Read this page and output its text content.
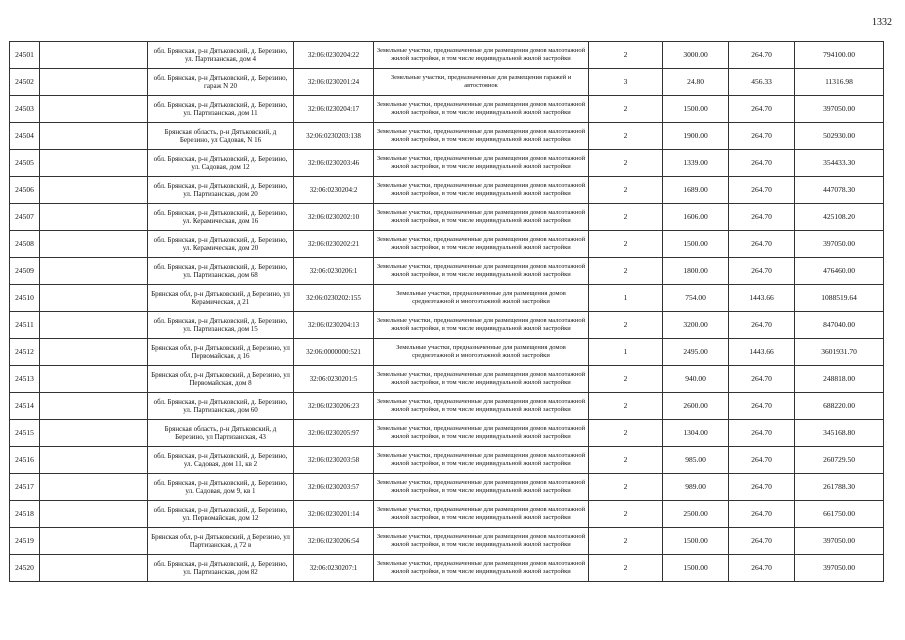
1332
24501		обл. Брянская, р-н Дятьковский, д. Березино, ул. Партизанская, дом 4	32:06:0230204:22	Земельные участки, предназначенные для размещения домов малоэтажной жилой застройки, в том числе индивидуальной жилой застройки	2	3000.00	264.70	794100.00
24502		обл. Брянская, р-н Дятьковский, д. Березино, гараж N 20	32:06:0230201:24	Земельные участки, предназначенные для размещения гаражей и автостоянок	3	24.80	456.33	11316.98
24503		обл. Брянская, р-н Дятьковский, д. Березино, ул. Партизанская, дом 11	32:06:0230204:17	Земельные участки, предназначенные для размещения домов малоэтажной жилой застройки, в том числе индивидуальной жилой застройки	2	1500.00	264.70	397050.00
24504		Брянская область, р-н Дятьковский, д Березино, ул Садовая, N 16	32:06:0230203:138	Земельные участки, предназначенные для размещения домов малоэтажной жилой застройки, в том числе индивидуальной жилой застройки	2	1900.00	264.70	502930.00
24505		обл. Брянская, р-н Дятьковский, д. Березино, ул. Садовая, дом 12	32:06:0230203:46	Земельные участки, предназначенные для размещения домов малоэтажной жилой застройки, в том числе индивидуальной жилой застройки	2	1339.00	264.70	354433.30
24506		обл. Брянская, р-н Дятьковский, д. Березино, ул. Партизанская, дом 20	32:06:0230204:2	Земельные участки, предназначенные для размещения домов малоэтажной жилой застройки, в том числе индивидуальной жилой застройки	2	1689.00	264.70	447078.30
24507		обл. Брянская, р-н Дятьковский, д. Березино, ул. Керамическая, дом 16	32:06:0230202:10	Земельные участки, предназначенные для размещения домов малоэтажной жилой застройки, в том числе индивидуальной жилой застройки	2	1606.00	264.70	425108.20
24508		обл. Брянская, р-н Дятьковский, д. Березино, ул. Керамическая, дом 20	32:06:0230202:21	Земельные участки, предназначенные для размещения домов малоэтажной жилой застройки, в том числе индивидуальной жилой застройки	2	1500.00	264.70	397050.00
24509		обл. Брянская, р-н Дятьковский, д. Березино, ул. Партизанская, дом 68	32:06:0230206:1	Земельные участки, предназначенные для размещения домов малоэтажной жилой застройки, в том числе индивидуальной жилой застройки	2	1800.00	264.70	476460.00
24510		Брянская обл, р-н Дятьковский, д Березино, ул Керамическая, д 21	32:06:0230202:155	Земельные участки, предназначенные для размещения домов среднеэтажной и многоэтажной жилой застройки	1	754.00	1443.66	1088519.64
24511		обл. Брянская, р-н Дятьковский, д. Березино, ул. Партизанская, дом 15	32:06:0230204:13	Земельные участки, предназначенные для размещения домов малоэтажной жилой застройки, в том числе индивидуальной жилой застройки	2	3200.00	264.70	847040.00
24512		Брянская обл, р-н Дятьковский, д Березино, ул Первомайская, д 16	32:06:0000000:521	Земельные участки, предназначенные для размещения домов среднеэтажной и многоэтажной жилой застройки	1	2495.00	1443.66	3601931.70
24513		Брянская обл, р-н Дятьковский, д Березино, ул Первомайская, дом 8	32:06:0230201:5	Земельные участки, предназначенные для размещения домов малоэтажной жилой застройки, в том числе индивидуальной жилой застройки	2	940.00	264.70	248818.00
24514		обл. Брянская, р-н Дятьковский, д. Березино, ул. Партизанская, дом 60	32:06:0230206:23	Земельные участки, предназначенные для размещения домов малоэтажной жилой застройки, в том числе индивидуальной жилой застройки	2	2600.00	264.70	688220.00
24515		Брянская область, р-н Дятьковский, д Березино, ул Партизанская, 43	32:06:0230205:97	Земельные участки, предназначенные для размещения домов малоэтажной жилой застройки, в том числе индивидуальной жилой застройки	2	1304.00	264.70	345168.80
24516		обл. Брянская, р-н Дятьковский, д. Березино, ул. Садовая, дом 11, кв 2	32:06:0230203:58	Земельные участки, предназначенные для размещения домов малоэтажной жилой застройки, в том числе индивидуальной жилой застройки	2	985.00	264.70	260729.50
24517		обл. Брянская, р-н Дятьковский, д. Березино, ул. Садовая, дом 9, кв 1	32:06:0230203:57	Земельные участки, предназначенные для размещения домов малоэтажной жилой застройки, в том числе индивидуальной жилой застройки	2	989.00	264.70	261788.30
24518		обл. Брянская, р-н Дятьковский, д. Березино, ул. Первомайская, дом 12	32:06:0230201:14	Земельные участки, предназначенные для размещения домов малоэтажной жилой застройки, в том числе индивидуальной жилой застройки	2	2500.00	264.70	661750.00
24519		Брянская обл, р-н Дятьковский, д Березино, ул Партизанская, д 72 в	32:06:0230206:54	Земельные участки, предназначенные для размещения домов малоэтажной жилой застройки, в том числе индивидуальной жилой застройки	2	1500.00	264.70	397050.00
24520		обл. Брянская, р-н Дятьковский, д. Березино, ул. Партизанская, дом 82	32:06:0230207:1	Земельные участки, предназначенные для размещения домов малоэтажной жилой застройки, в том числе индивидуальной жилой застройки	2	1500.00	264.70	397050.00
